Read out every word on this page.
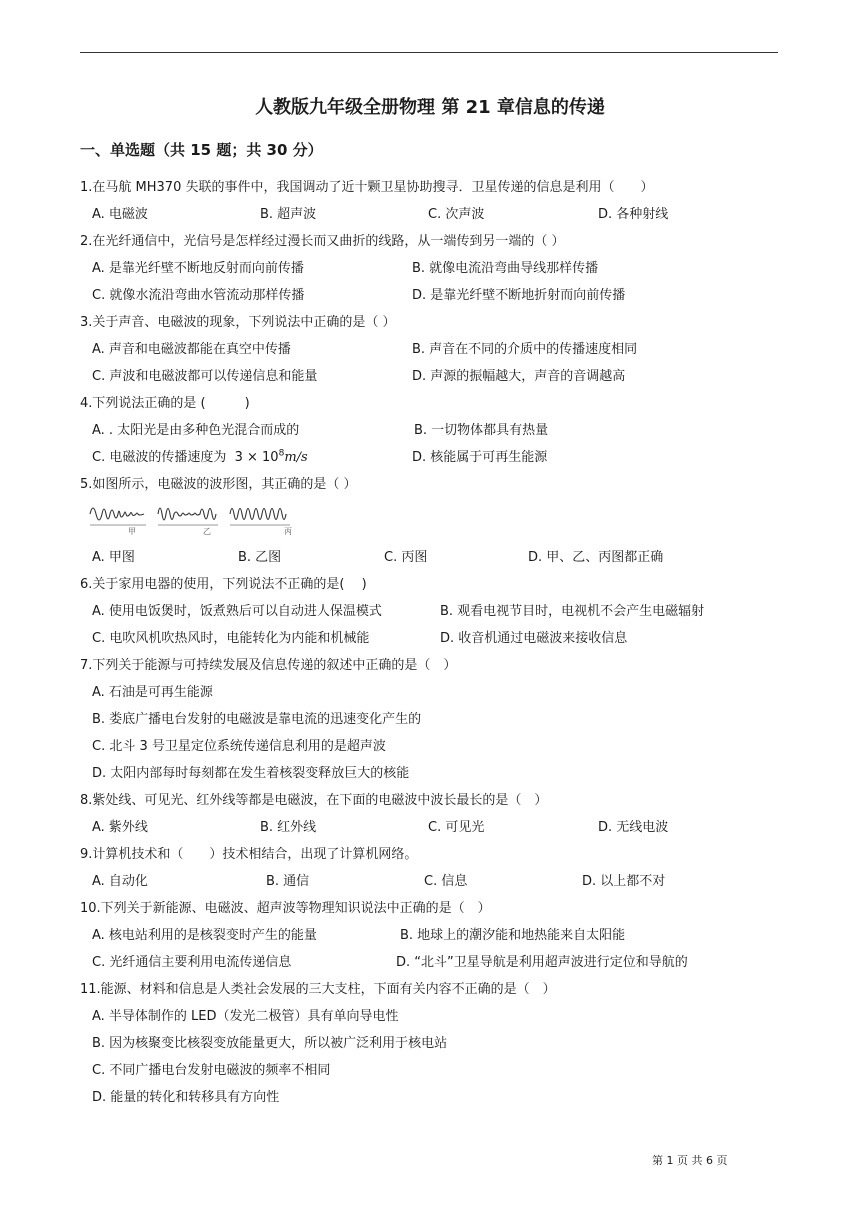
人教版九年级全册物理 第 21 章信息的传递
一、单选题（共 15 题；共 30 分）
1.在马航 MH370 失联的事件中，我国调动了近十颗卫星协助搜寻．卫星传递的信息是利用（　　）
A. 电磁波	B. 超声波	C. 次声波	D. 各种射线
2.在光纤通信中，光信号是怎样经过漫长而又曲折的线路，从一端传到另一端的（ ）
A. 是靠光纤壁不断地反射而向前传播	B. 就像电流沿弯曲导线那样传播
C. 就像水流沿弯曲水管流动那样传播	D. 是靠光纤壁不断地折射而向前传播
3.关于声音、电磁波的现象，下列说法中正确的是（ ）
A. 声音和电磁波都能在真空中传播	B. 声音在不同的介质中的传播速度相同
C. 声波和电磁波都可以传递信息和能量	D. 声源的振幅越大，声音的音调越高
4.下列说法正确的是 (　　　)
A. . 太阳光是由多种色光混合而成的	B. 一切物体都具有热量
C. 电磁波的传播速度为 $3 \times 10^8m/s$	D. 核能属于可再生能源
5.如图所示，电磁波的波形图，其正确的是（ ）
甲	乙	丙
A. 甲图	B. 乙图	C. 丙图	D. 甲、乙、丙图都正确
6.关于家用电器的使用，下列说法不正确的是(　 )
A. 使用电饭煲时，饭煮熟后可以自动进人保温模式	B. 观看电视节目时，电视机不会产生电磁辐射
C. 电吹风机吹热风时，电能转化为内能和机械能	D. 收音机通过电磁波来接收信息
7.下列关于能源与可持续发展及信息传递的叙述中正确的是（　）
A. 石油是可再生能源
B. 娄底广播电台发射的电磁波是靠电流的迅速变化产生的
C. 北斗 3 号卫星定位系统传递信息利用的是超声波
D. 太阳内部每时每刻都在发生着核裂变释放巨大的核能
8.紫处线、可见光、红外线等都是电磁波，在下面的电磁波中波长最长的是（　）
A. 紫外线	B. 红外线	C. 可见光	D. 无线电波
9.计算机技术和（　　）技术相结合，出现了计算机网络。
A. 自动化	B. 通信	C. 信息	D. 以上都不对
10.下列关于新能源、电磁波、超声波等物理知识说法中正确的是（　）
A. 核电站利用的是核裂变时产生的能量	B. 地球上的潮汐能和地热能来自太阳能
C. 光纤通信主要利用电流传递信息	D. “北斗”卫星导航是利用超声波进行定位和导航的
11.能源、材料和信息是人类社会发展的三大支柱，下面有关内容不正确的是（　）
A. 半导体制作的 LED（发光二极管）具有单向导电性
B. 因为核聚变比核裂变放能量更大，所以被广泛利用于核电站
C. 不同广播电台发射电磁波的频率不相同
D. 能量的转化和转移具有方向性
第 1 页 共 6 页
